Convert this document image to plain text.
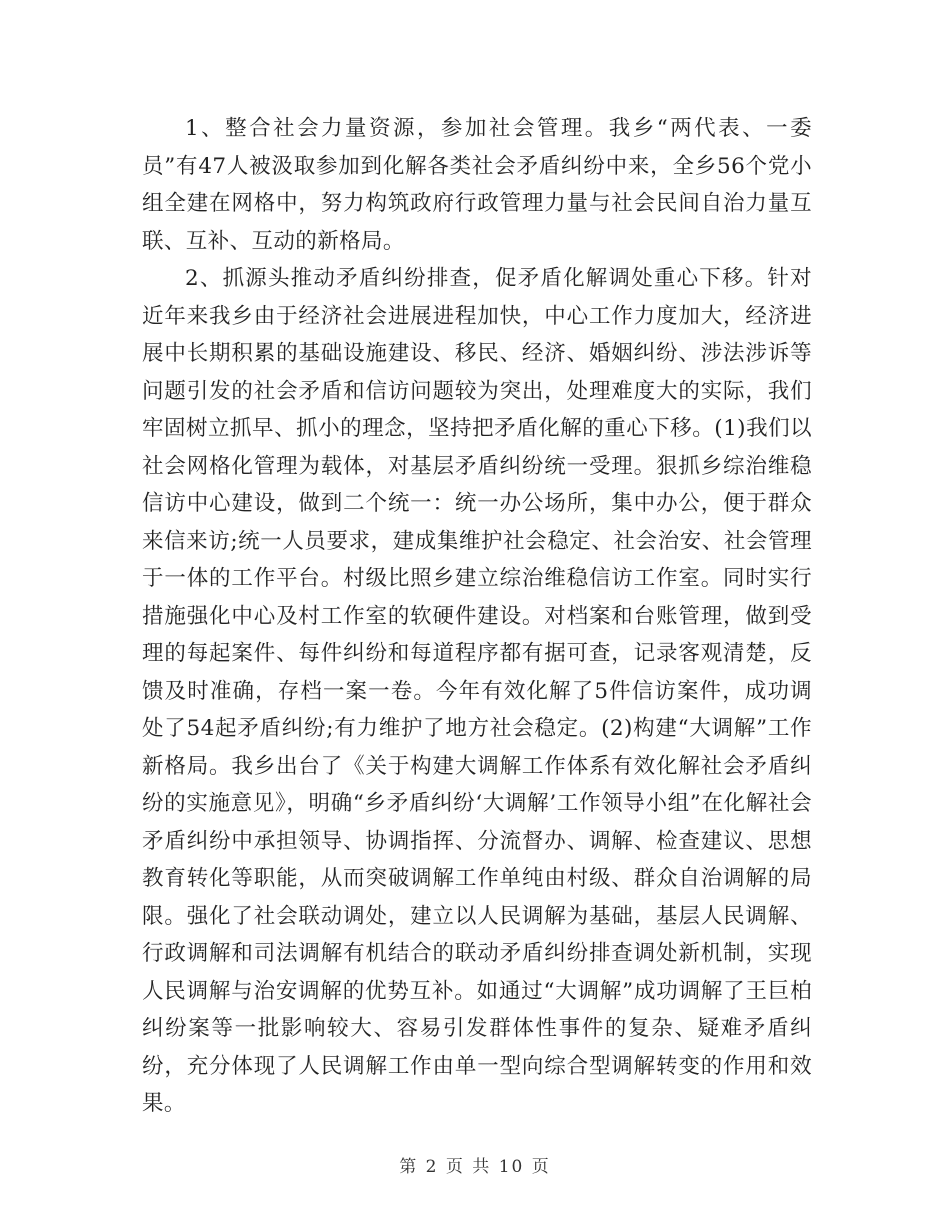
1、整合社会力量资源，参加社会管理。我乡“两代表、一委员”有47人被汲取参加到化解各类社会矛盾纠纷中来，全乡56个党小组全建在网格中，努力构筑政府行政管理力量与社会民间自治力量互联、互补、互动的新格局。

2、抓源头推动矛盾纠纷排查，促矛盾化解调处重心下移。针对近年来我乡由于经济社会进展进程加快，中心工作力度加大，经济进展中长期积累的基础设施建设、移民、经济、婚姻纠纷、涉法涉诉等问题引发的社会矛盾和信访问题较为突出，处理难度大的实际，我们牢固树立抓早、抓小的理念，坚持把矛盾化解的重心下移。(1)我们以社会网格化管理为载体，对基层矛盾纠纷统一受理。狠抓乡综治维稳信访中心建设，做到二个统一：统一办公场所，集中办公，便于群众来信来访;统一人员要求，建成集维护社会稳定、社会治安、社会管理于一体的工作平台。村级比照乡建立综治维稳信访工作室。同时实行措施强化中心及村工作室的软硬件建设。对档案和台账管理，做到受理的每起案件、每件纠纷和每道程序都有据可查，记录客观清楚，反馈及时准确，存档一案一卷。今年有效化解了5件信访案件，成功调处了54起矛盾纠纷;有力维护了地方社会稳定。(2)构建“大调解”工作新格局。我乡出台了《关于构建大调解工作体系有效化解社会矛盾纠纷的实施意见》，明确“乡矛盾纠纷‘大调解’工作领导小组”在化解社会矛盾纠纷中承担领导、协调指挥、分流督办、调解、检查建议、思想教育转化等职能，从而突破调解工作单纯由村级、群众自治调解的局限。强化了社会联动调处，建立以人民调解为基础，基层人民调解、行政调解和司法调解有机结合的联动矛盾纠纷排查调处新机制，实现人民调解与治安调解的优势互补。如通过“大调解”成功调解了王巨柏纠纷案等一批影响较大、容易引发群体性事件的复杂、疑难矛盾纠纷，充分体现了人民调解工作由单一型向综合型调解转变的作用和效果。

第 2 页 共 10 页
